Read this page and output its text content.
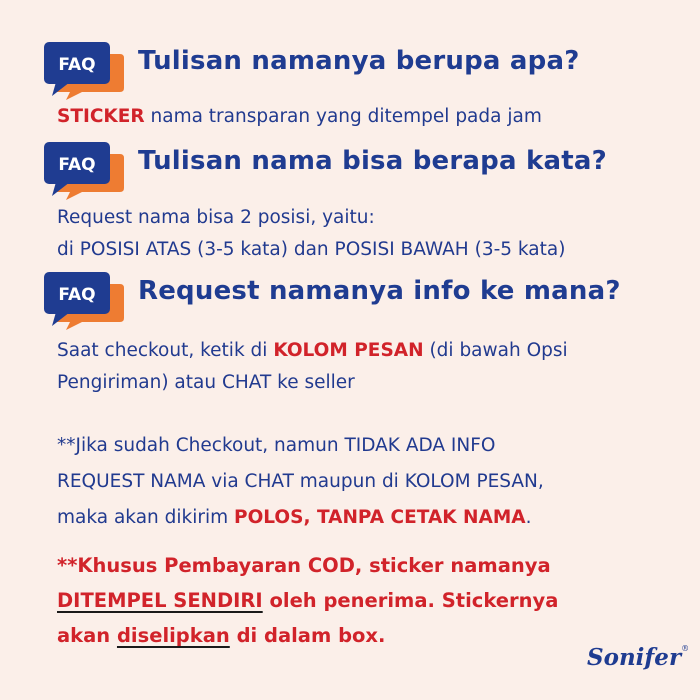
FAQ Tulisan namanya berupa apa?
STICKER nama transparan yang ditempel pada jam
FAQ Tulisan nama bisa berapa kata?
Request nama bisa 2 posisi, yaitu:
di POSISI ATAS (3-5 kata) dan POSISI BAWAH (3-5 kata)
FAQ Request namanya info ke mana?
Saat checkout, ketik di KOLOM PESAN (di bawah Opsi
Pengiriman) atau CHAT ke seller
**Jika sudah Checkout, namun TIDAK ADA INFO
REQUEST NAMA via CHAT maupun di KOLOM PESAN,
maka akan dikirim POLOS, TANPA CETAK NAMA.
**Khusus Pembayaran COD, sticker namanya
DITEMPEL SENDIRI oleh penerima. Stickernya
akan diselipkan di dalam box.
Sonifer®
